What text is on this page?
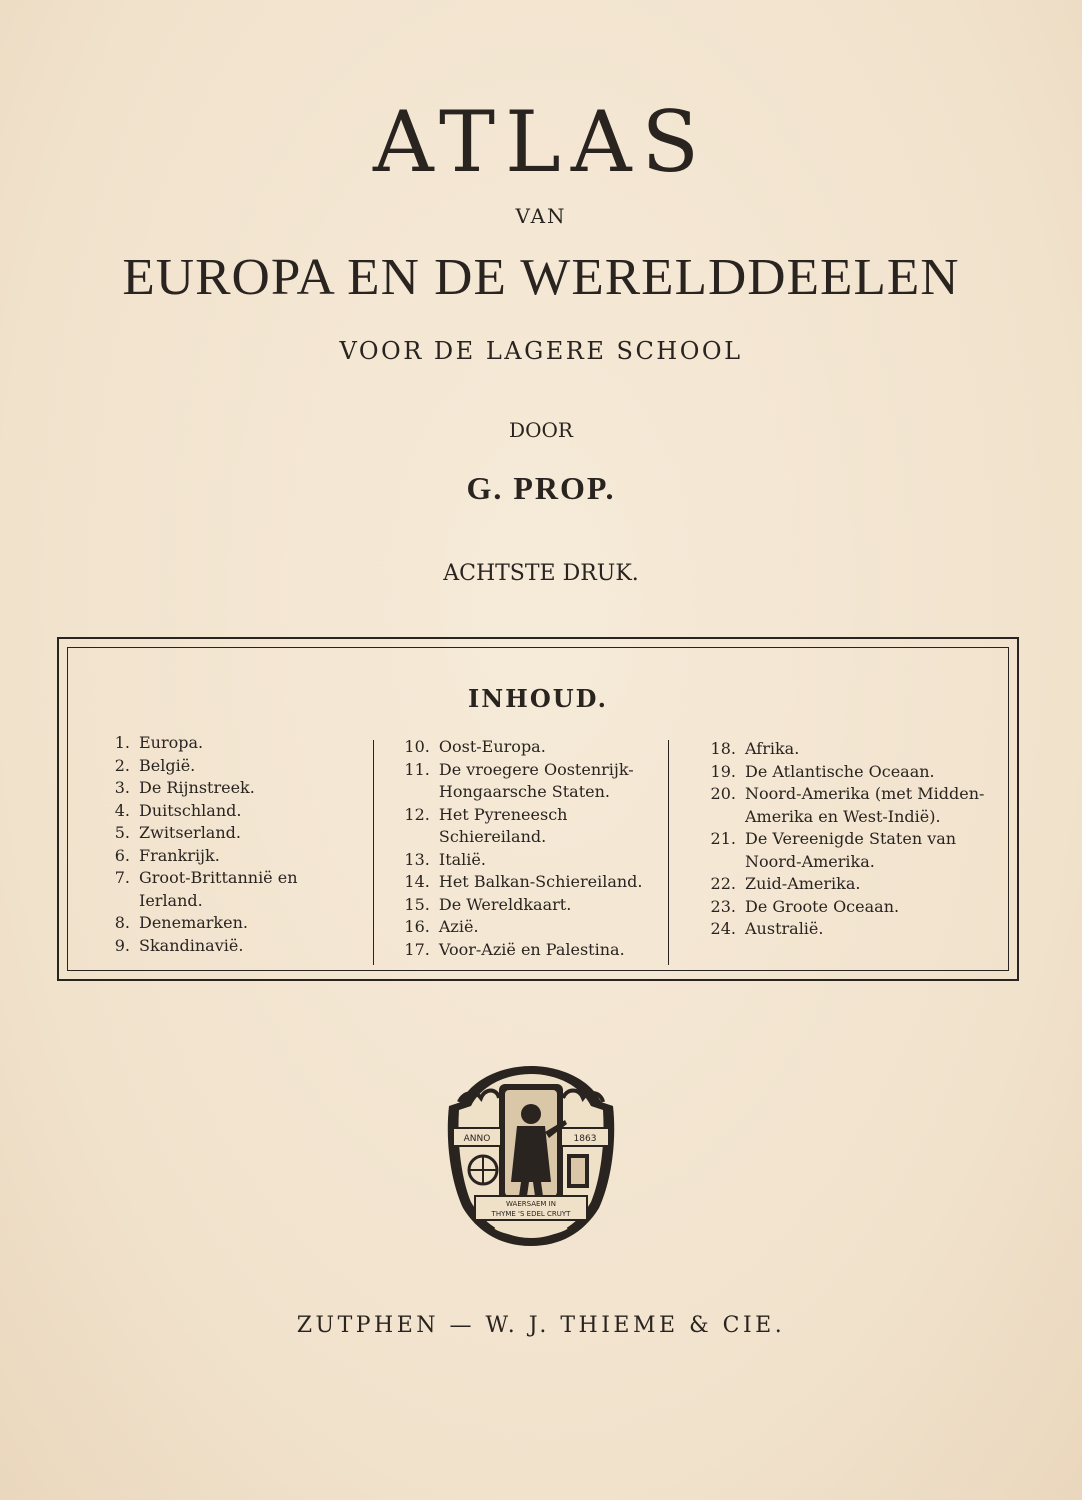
ATLAS
VAN
EUROPA EN DE WERELDDEELEN
VOOR DE LAGERE SCHOOL
DOOR
G. PROP.
ACHTSTE DRUK.
INHOUD.
1. Europa.
2. België.
3. De Rijnstreek.
4. Duitschland.
5. Zwitserland.
6. Frankrijk.
7. Groot-Brittannië en Ierland.
8. Denemarken.
9. Skandinavië.
10. Oost-Europa.
11. De vroegere Oostenrijk-Hongaarsche Staten.
12. Het Pyreneesch Schiereiland.
13. Italië.
14. Het Balkan-Schiereiland.
15. De Wereldkaart.
16. Azië.
17. Voor-Azië en Palestina.
18. Afrika.
19. De Atlantische Oceaan.
20. Noord-Amerika (met Midden-Amerika en West-Indië).
21. De Vereenigde Staten van Noord-Amerika.
22. Zuid-Amerika.
23. De Groote Oceaan.
24. Australië.
ANNO	1863
WAERSAEM IN
THYME 'S EDEL CRUYT
ZUTPHEN — W. J. THIEME & CIE.
